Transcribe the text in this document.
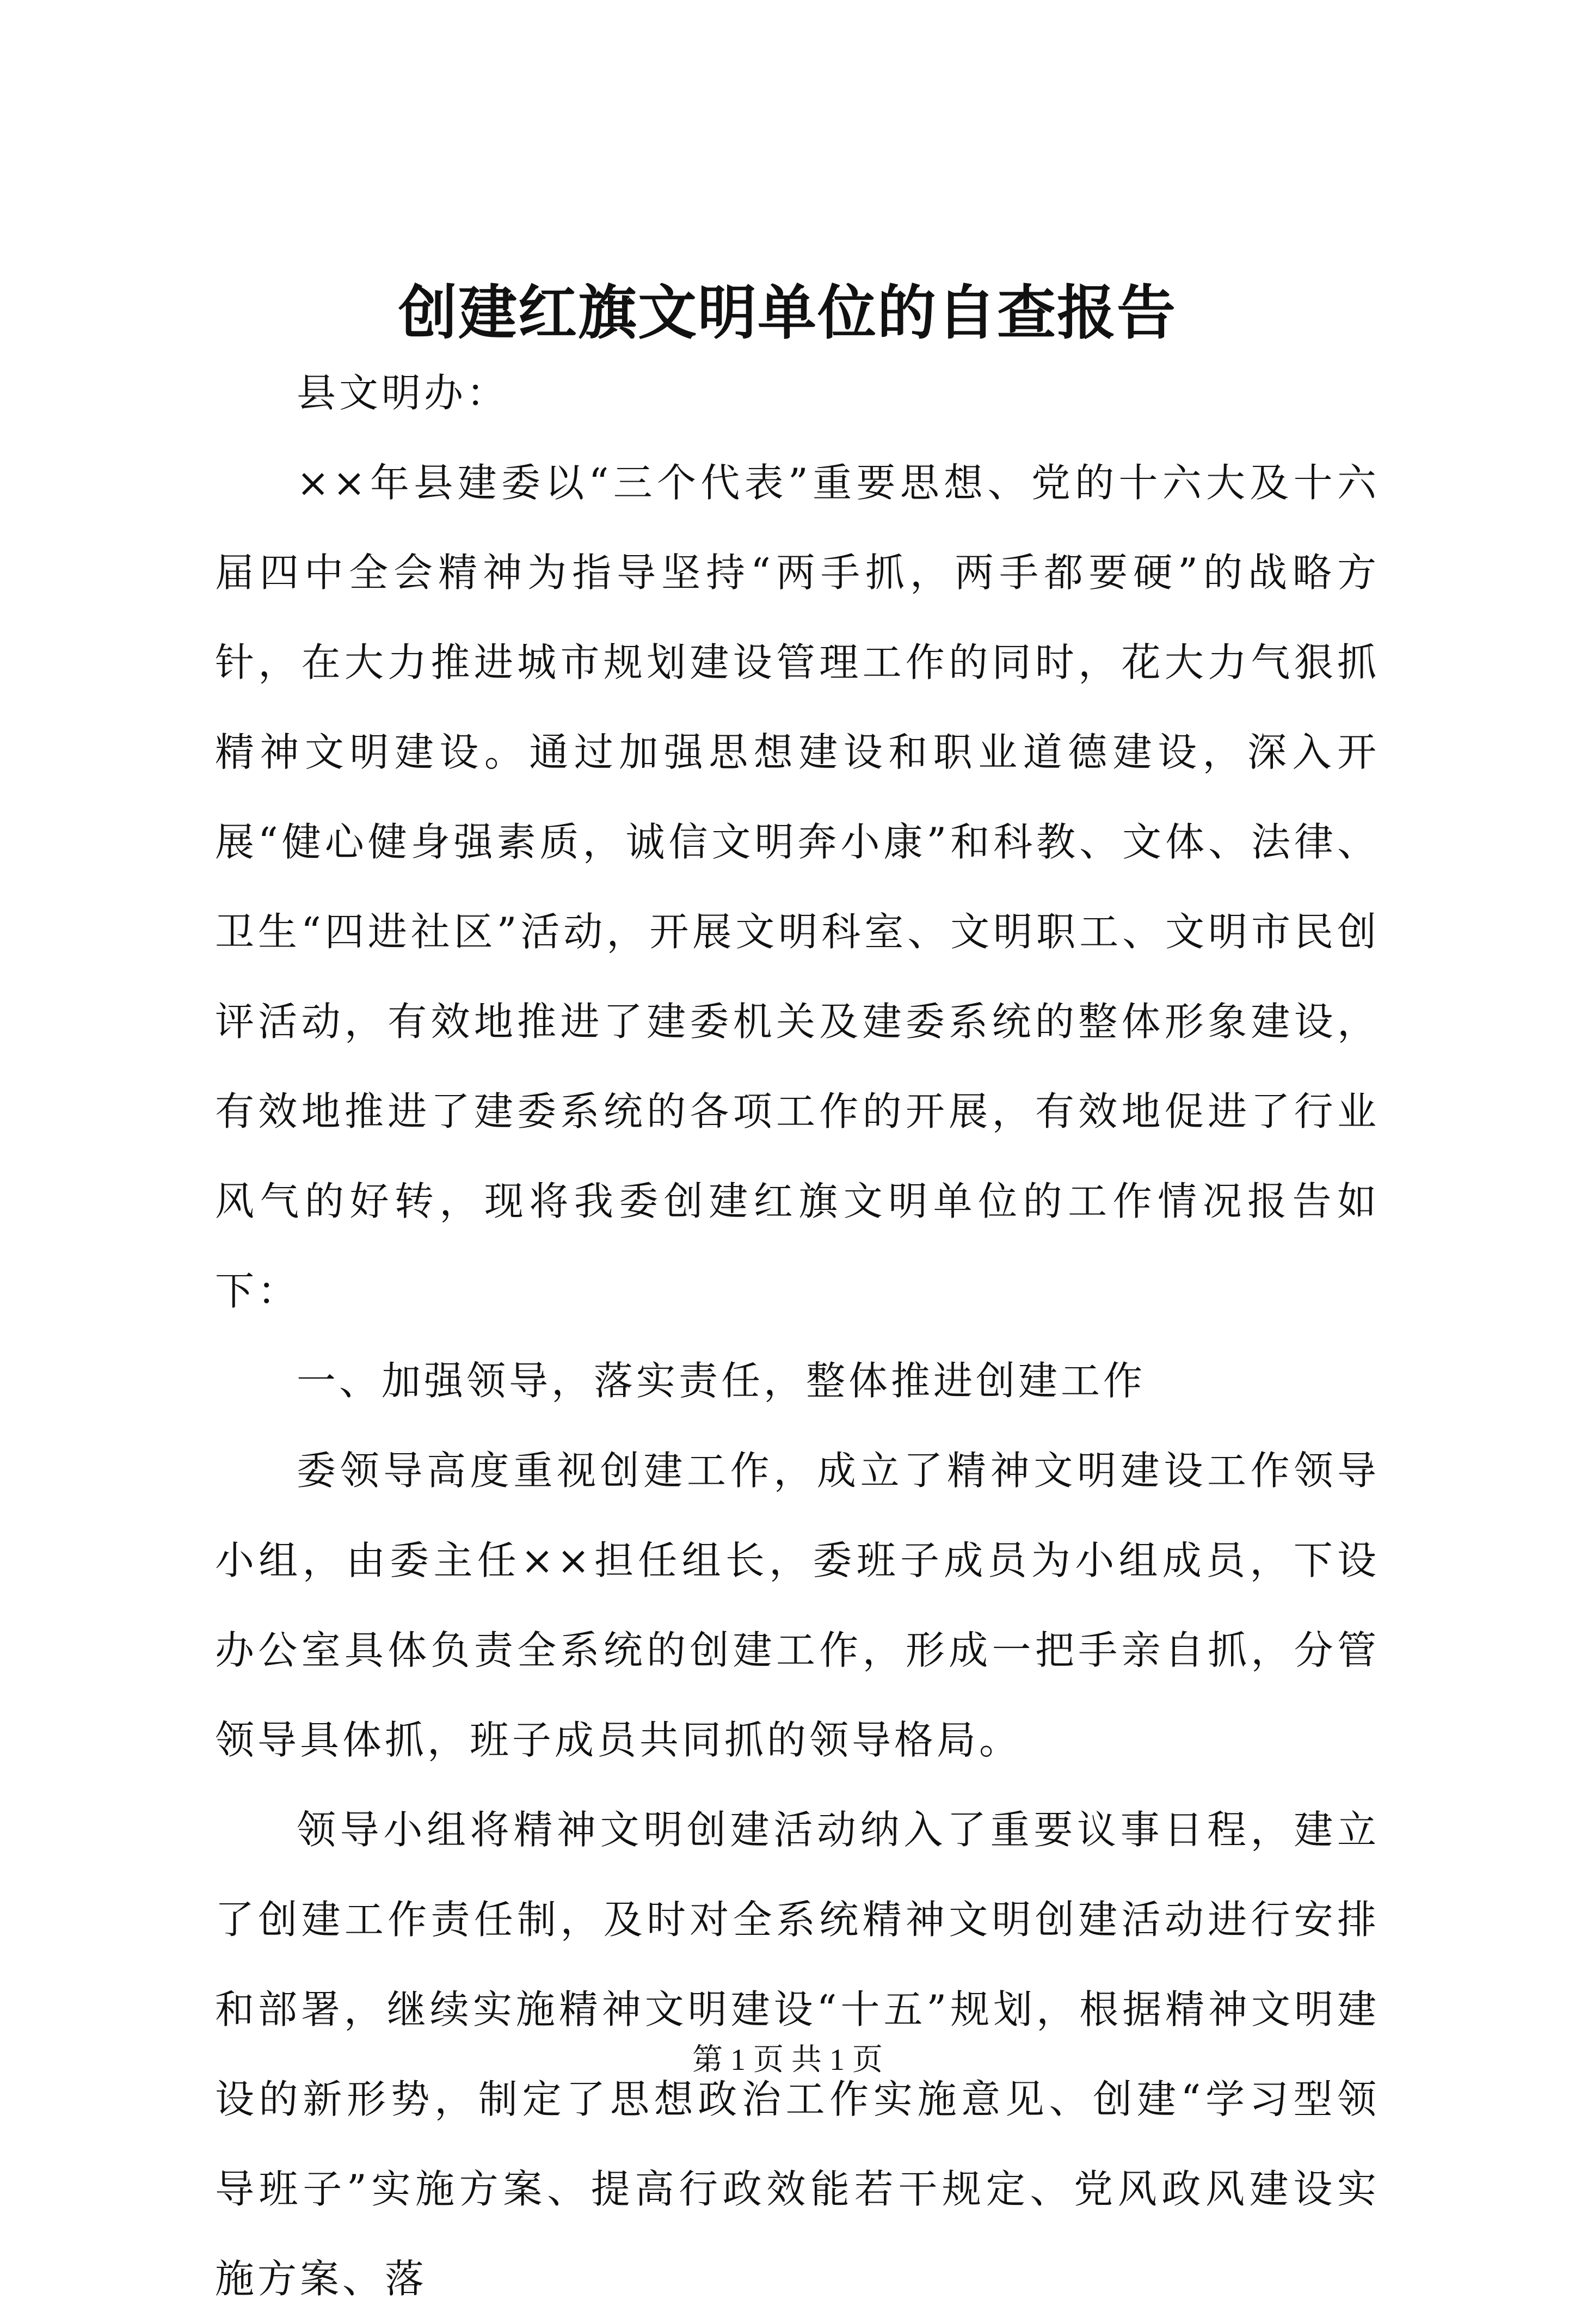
创建红旗文明单位的自查报告

县文明办：

××年县建委以“三个代表”重要思想、党的十六大及十六届四中全会精神为指导坚持“两手抓，两手都要硬”的战略方针，在大力推进城市规划建设管理工作的同时，花大力气狠抓精神文明建设。通过加强思想建设和职业道德建设，深入开展“健心健身强素质，诚信文明奔小康”和科教、文体、法律、卫生“四进社区”活动，开展文明科室、文明职工、文明市民创评活动，有效地推进了建委机关及建委系统的整体形象建设，有效地推进了建委系统的各项工作的开展，有效地促进了行业风气的好转，现将我委创建红旗文明单位的工作情况报告如下：

一、加强领导，落实责任，整体推进创建工作

委领导高度重视创建工作，成立了精神文明建设工作领导小组，由委主任××担任组长，委班子成员为小组成员，下设办公室具体负责全系统的创建工作，形成一把手亲自抓，分管领导具体抓，班子成员共同抓的领导格局。

领导小组将精神文明创建活动纳入了重要议事日程，建立了创建工作责任制，及时对全系统精神文明创建活动进行安排和部署，继续实施精神文明建设“十五”规划，根据精神文明建设的新形势，制定了思想政治工作实施意见、创建“学习型领导班子”实施方案、提高行政效能若干规定、党风政风建设实施方案、落

第 1 页 共 1 页
